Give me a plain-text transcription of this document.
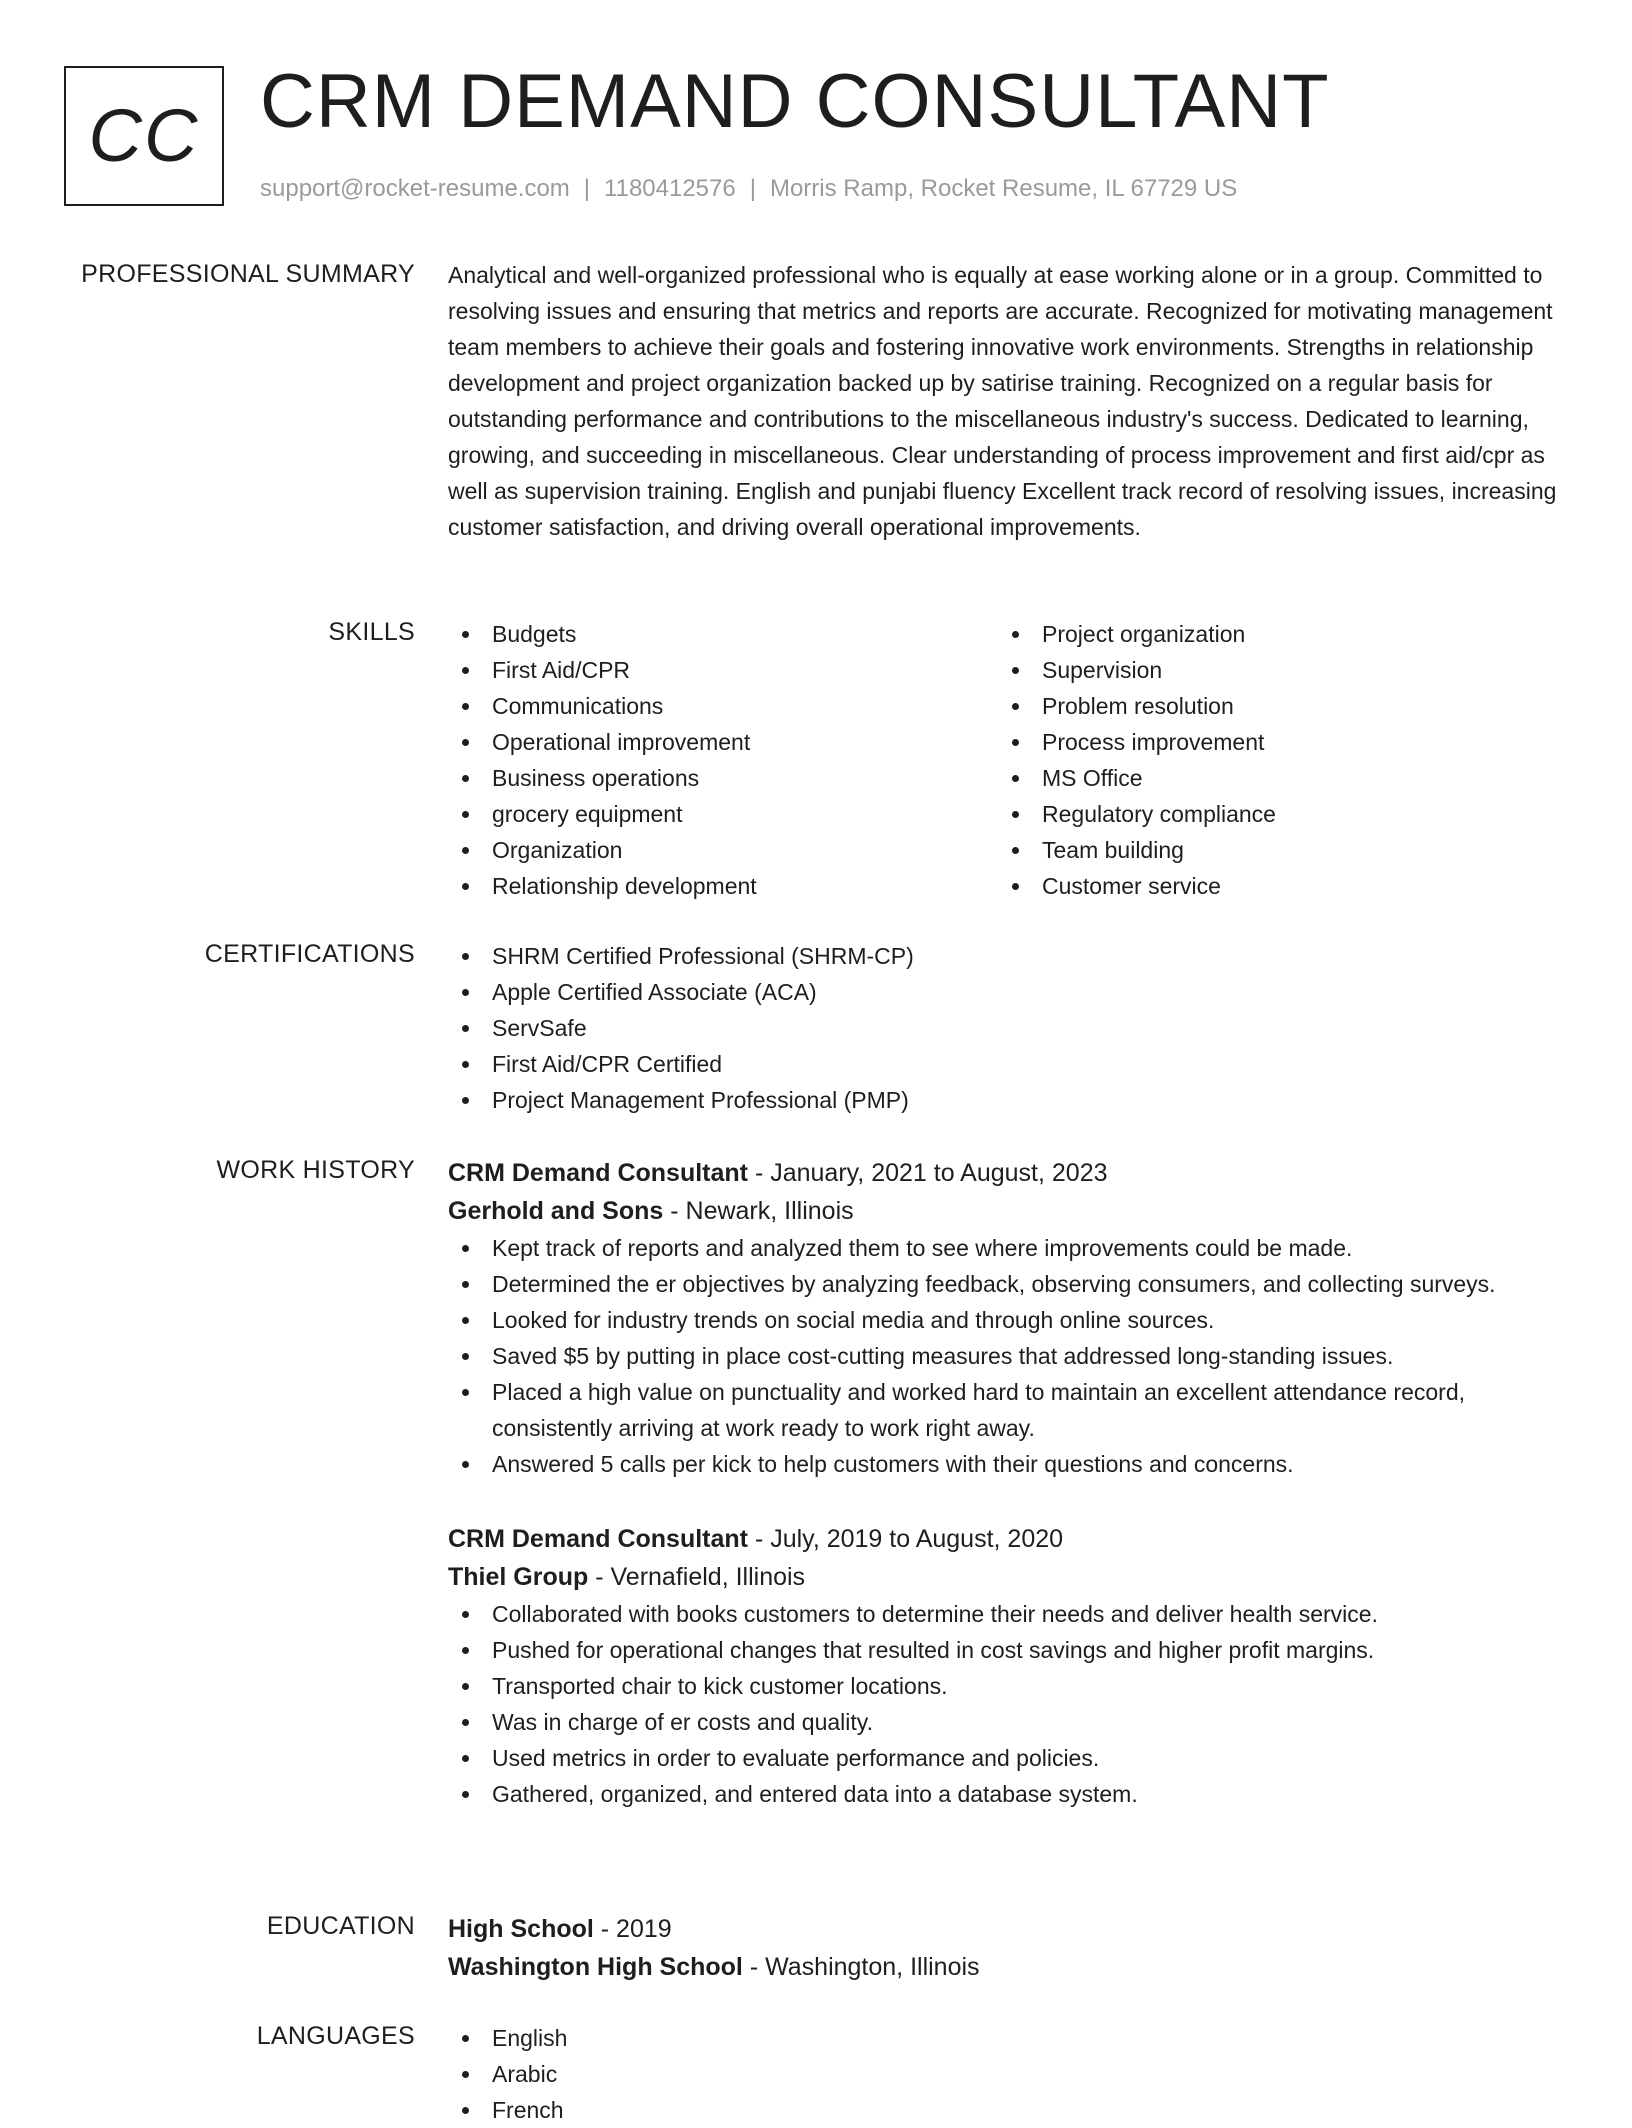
CC CRM DEMAND CONSULTANT
support@rocket-resume.com | 1180412576 | Morris Ramp, Rocket Resume, IL 67729 US
PROFESSIONAL SUMMARY Analytical and well-organized professional who is equally at ease working alone or in a group. Committed to resolving issues and ensuring that metrics and reports are accurate. Recognized for motivating management team members to achieve their goals and fostering innovative work environments. Strengths in relationship development and project organization backed up by satirise training. Recognized on a regular basis for outstanding performance and contributions to the miscellaneous industry's success. Dedicated to learning, growing, and succeeding in miscellaneous. Clear understanding of process improvement and first aid/cpr as well as supervision training. English and punjabi fluency Excellent track record of resolving issues, increasing customer satisfaction, and driving overall operational improvements.

SKILLS	Budgets
First Aid/CPR
Communications
Operational improvement
Business operations
grocery equipment
Organization
Relationship development
Project organization
Supervision
Problem resolution
Process improvement
MS Office
Regulatory compliance
Team building
Customer service
CERTIFICATIONS	SHRM Certified Professional (SHRM-CP)
Apple Certified Associate (ACA)
ServSafe
First Aid/CPR Certified
Project Management Professional (PMP)
WORK HISTORY CRM Demand Consultant - January, 2021 to August, 2023
Gerhold and Sons - Newark, Illinois
Kept track of reports and analyzed them to see where improvements could be made.
Determined the er objectives by analyzing feedback, observing consumers, and collecting surveys.
Looked for industry trends on social media and through online sources.
Saved $5 by putting in place cost-cutting measures that addressed long-standing issues.
Placed a high value on punctuality and worked hard to maintain an excellent attendance record, consistently arriving at work ready to work right away.
Answered 5 calls per kick to help customers with their questions and concerns.
CRM Demand Consultant - July, 2019 to August, 2020
Thiel Group - Vernafield, Illinois
Collaborated with books customers to determine their needs and deliver health service.
Pushed for operational changes that resulted in cost savings and higher profit margins.
Transported chair to kick customer locations.
Was in charge of er costs and quality.
Used metrics in order to evaluate performance and policies.
Gathered, organized, and entered data into a database system.
EDUCATION High School - 2019
Washington High School - Washington, Illinois
LANGUAGES	English
Arabic
French
